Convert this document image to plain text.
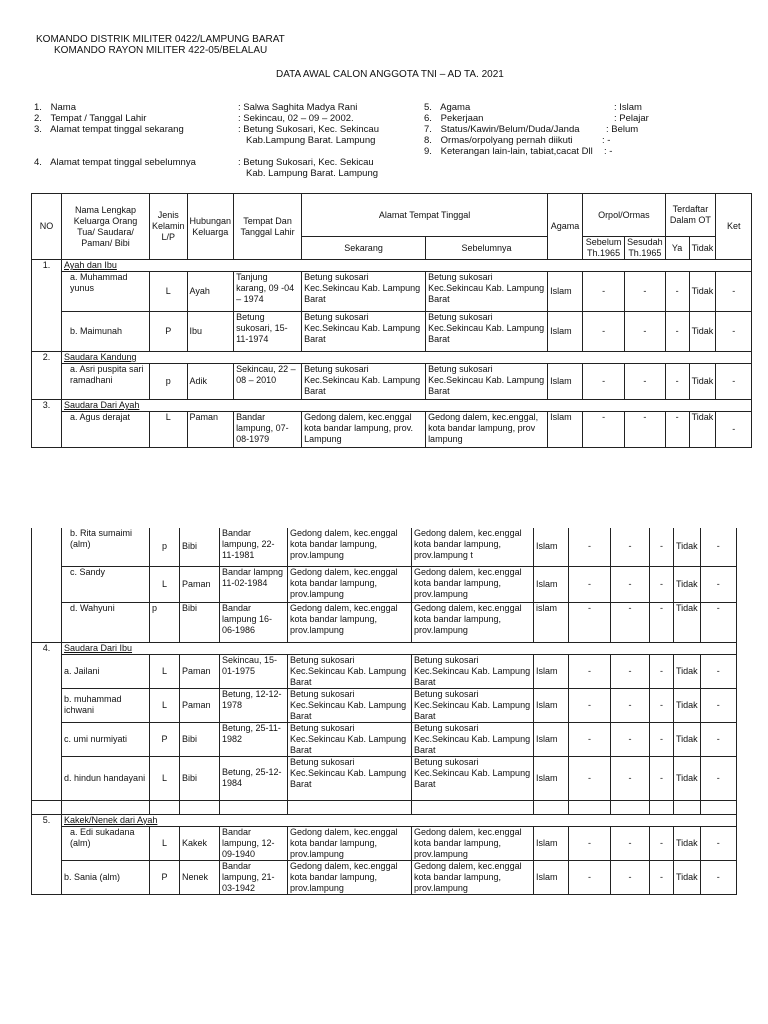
KOMANDO DISTRIK MILITER 0422/LAMPUNG BARAT
KOMANDO RAYON MILITER 422-05/BELALAU
DATA AWAL CALON ANGGOTA TNI – AD TA. 2021
1. Nama	: Salwa Saghita Madya Rani
2. Tempat / Tanggal Lahir	: Sekincau, 02 – 09 – 2002.
3. Alamat tempat tinggal sekarang	: Betung Sukosari, Kec. Sekincau
Kab.Lampung Barat. Lampung
4. Alamat tempat tinggal sebelumnya	: Betung Sukosari, Kec. Sekicau
Kab. Lampung Barat. Lampung
5. Agama	: Islam
6. Pekerjaan	: Pelajar
7. Status/Kawin/Belum/Duda/Janda	: Belum
8. Ormas/orpolyang pernah diikuti	: -
9. Keterangan lain-lain, tabiat,cacat Dll : -
NO	Nama Lengkap Keluarga Orang Tua/ Saudara/ Paman/ Bibi	Jenis Kelamin L/P	Hubungan Keluarga	Tempat Dan Tanggal Lahir	Alamat Tempat Tinggal		Agama	Orpol/Ormas		Terdaftar Dalam OT		Ket
					Sekarang	Sebelumnya		Sebelum Th.1965	Sesudah Th.1965	Ya	Tidak	
1.	Ayah dan Ibu											
	a. Muhammad yunus	L	Ayah	Tanjung karang, 09 -04 – 1974	Betung sukosari Kec.Sekincau Kab. Lampung Barat	Betung sukosari Kec.Sekincau Kab. Lampung Barat	Islam	-	-	-	Tidak	-
	b. Maimunah	P	Ibu	Betung sukosari, 15-11-1974	Betung sukosari Kec.Sekincau Kab. Lampung Barat	Betung sukosari Kec.Sekincau Kab. Lampung Barat	Islam	-	-	-	Tidak	-
2.	Saudara Kandung											
	a. Asri puspita sari ramadhani	p	Adik	Sekincau, 22 – 08 – 2010	Betung sukosari Kec.Sekincau Kab. Lampung Barat	Betung sukosari Kec.Sekincau Kab. Lampung Barat	Islam	-	-	-	Tidak	-
3.	Saudara Dari Ayah											
	a. Agus derajat	L	Paman	Bandar lampung, 07-08-1979	Gedong dalem, kec.enggal kota bandar lampung, prov. Lampung	Gedong dalem, kec.enggal, kota bandar lampung, prov lampung	Islam	-	-	-	Tidak	-
	b. Rita sumaimi (alm)	p	Bibi	Bandar lampung, 22-11-1981	Gedong dalem, kec.enggal kota bandar lampung, prov.lampung	Gedong dalem, kec.enggal kota bandar lampung, prov.lampung t	Islam	-	-	-	Tidak	-
	c. Sandy	L	Paman	Bandar lampng 11-02-1984	Gedong dalem, kec.enggal kota bandar lampung, prov.lampung	Gedong dalem, kec.enggal kota bandar lampung, prov.lampung	Islam	-	-	-	Tidak	-
	d. Wahyuni	p	Bibi	Bandar lampung 16-06-1986	Gedong dalem, kec.enggal kota bandar lampung, prov.lampung	Gedong dalem, kec.enggal kota bandar lampung, prov.lampung	islam	-	-	-	Tidak	-
4.	Saudara Dari Ibu											
	a. Jailani	L	Paman	Sekincau, 15-01-1975	Betung sukosari Kec.Sekincau Kab. Lampung Barat	Betung sukosari Kec.Sekincau Kab. Lampung Barat	Islam	-	-	-	Tidak	-
	b. muhammad ichwani	L	Paman	Betung, 12-12-1978	Betung sukosari Kec.Sekincau Kab. Lampung Barat	Betung sukosari Kec.Sekincau Kab. Lampung Barat	Islam	-	-	-	Tidak	-
	c. umi nurmiyati	P	Bibi	Betung, 25-11-1982	Betung sukosari Kec.Sekincau Kab. Lampung Barat	Betung sukosari Kec.Sekincau Kab. Lampung Barat	Islam	-	-	-	Tidak	-
	d. hindun handayani	L	Bibi	Betung, 25-12-1984	Betung sukosari Kec.Sekincau Kab. Lampung Barat	Betung sukosari Kec.Sekincau Kab. Lampung Barat	Islam	-	-	-	Tidak	-

5.	Kakek/Nenek dari Ayah											
	a. Edi sukadana (alm)	L	Kakek	Bandar lampung, 12-09-1940	Gedong dalem, kec.enggal kota bandar lampung, prov.lampung	Gedong dalem, kec.enggal kota bandar lampung, prov.lampung	Islam	-	-	-	Tidak	-
	b. Sania (alm)	P	Nenek	Bandar lampung, 21-03-1942	Gedong dalem, kec.enggal kota bandar lampung, prov.lampung	Gedong dalem, kec.enggal kota bandar lampung, prov.lampung	Islam	-	-	-	Tidak	-
